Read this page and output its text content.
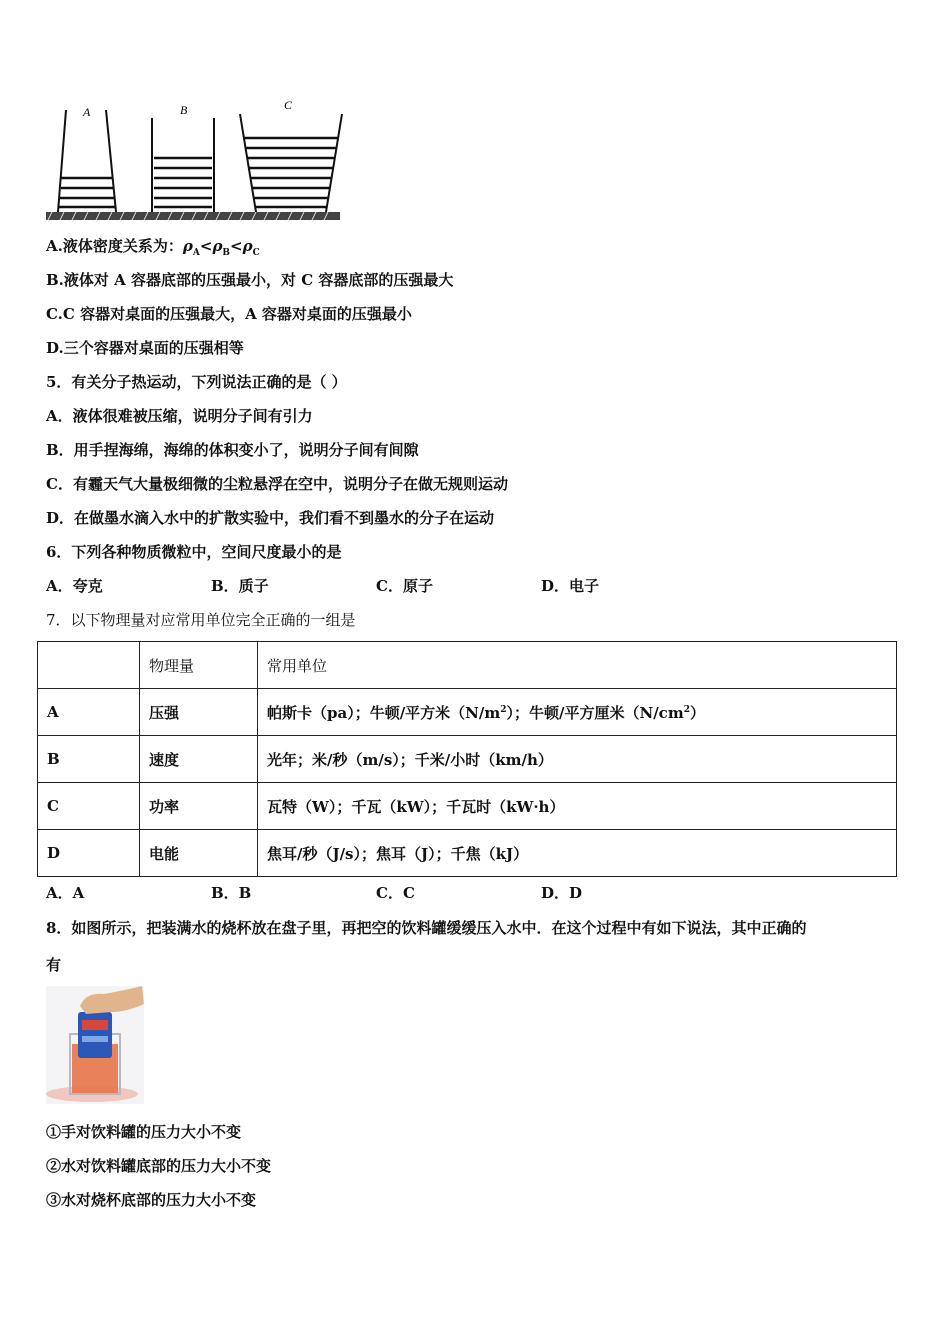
A	B	C
A.液体密度关系为：$\rho_A<\rho_B<\rho_C$
B.液体对 A 容器底部的压强最小，对 C 容器底部的压强最大
C.C 容器对桌面的压强最大，A 容器对桌面的压强最小
D.三个容器对桌面的压强相等
5．有关分子热运动，下列说法正确的是（ ）
A．液体很难被压缩，说明分子间有引力
B．用手捏海绵，海绵的体积变小了，说明分子间有间隙
C．有霾天气大量极细微的尘粒悬浮在空中，说明分子在做无规则运动
D．在做墨水滴入水中的扩散实验中，我们看不到墨水的分子在运动
6．下列各种物质微粒中，空间尺度最小的是
A．夸克	B．质子	C．原子	D．电子
7．以下物理量对应常用单位完全正确的一组是
	物理量	常用单位
A	压强	帕斯卡（pa）；牛顿/平方米$(N/m^2)$；牛顿/平方厘米$(N/cm^2)$
B	速度	光年；米/秒（m/s）；千米/小时（km/h）
C	功率	瓦特（W）；千瓦（kW）；千瓦时（kW·h）
D	电能	焦耳/秒（J/s）；焦耳（J）；千焦（kJ）
A．A	B．B	C．C	D．D
8．如图所示，把装满水的烧杯放在盘子里，再把空的饮料罐缓缓压入水中．在这个过程中有如下说法，其中正确的
有
①手对饮料罐的压力大小不变
②水对饮料罐底部的压力大小不变
③水对烧杯底部的压力大小不变
